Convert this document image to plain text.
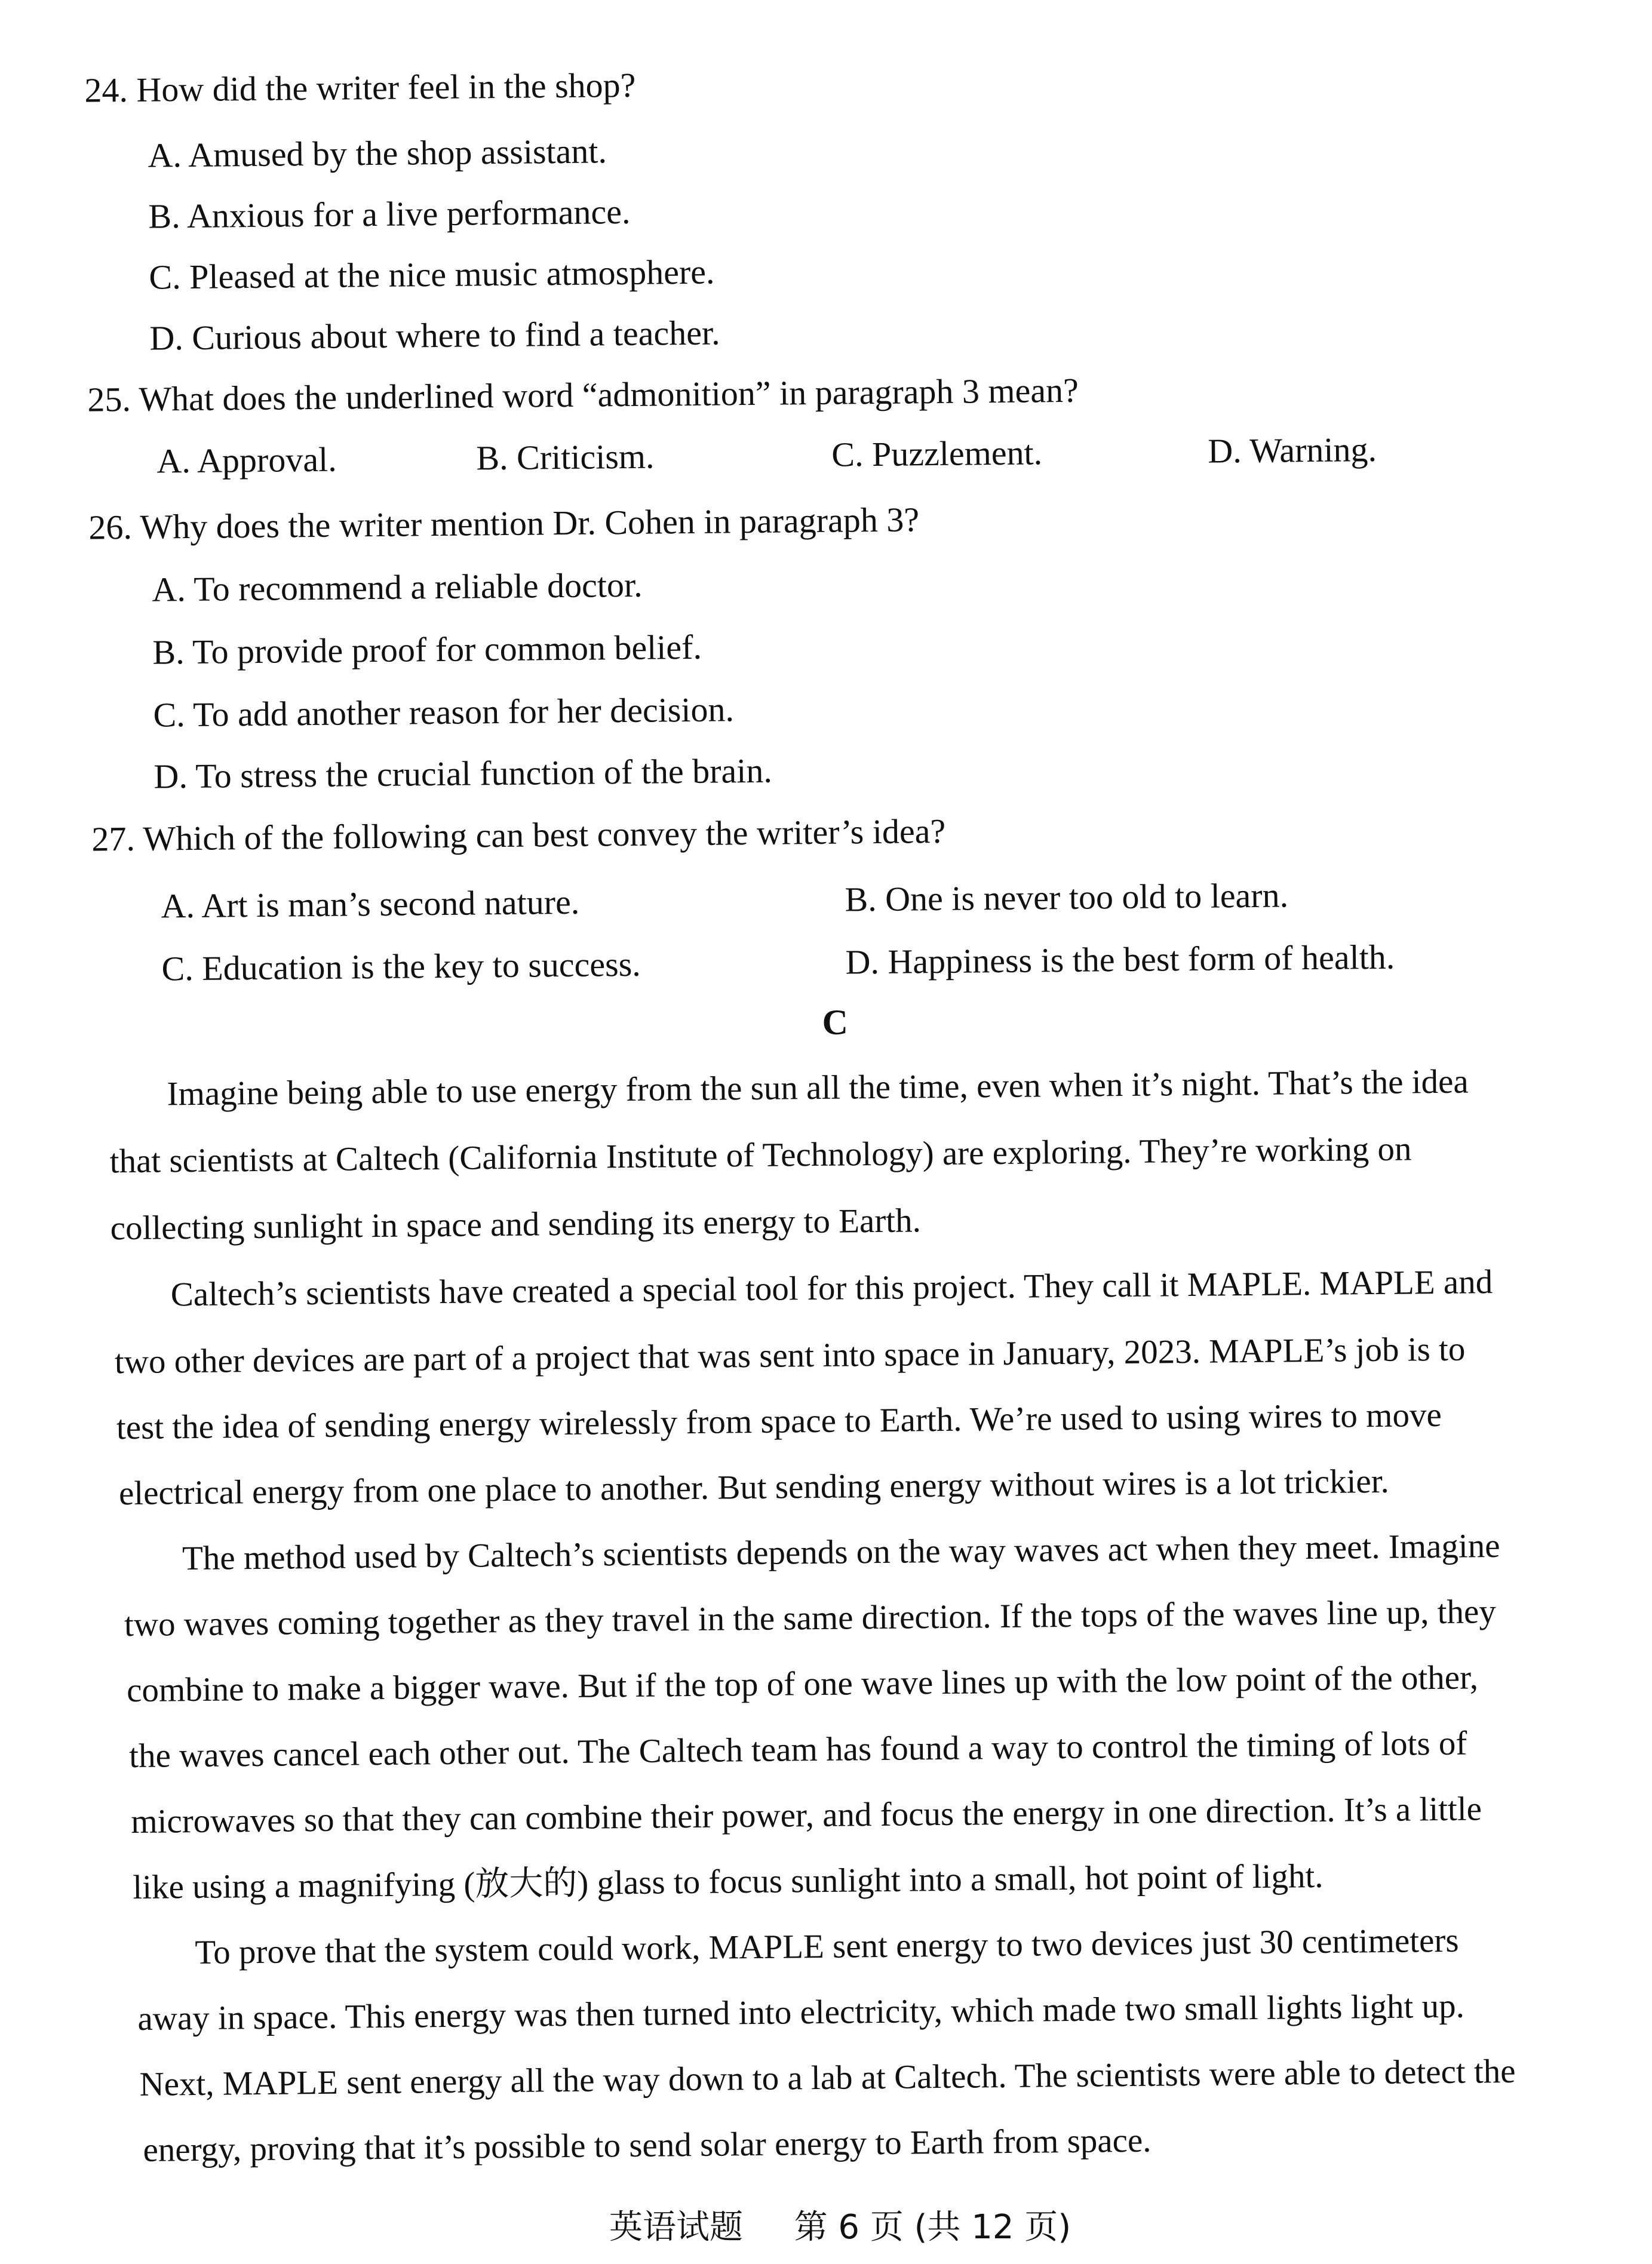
24. How did the writer feel in the shop?
A. Amused by the shop assistant.
B. Anxious for a live performance.
C. Pleased at the nice music atmosphere.
D. Curious about where to find a teacher.
25. What does the underlined word “admonition” in paragraph 3 mean?
A. Approval.	B. Criticism.	C. Puzzlement.	D. Warning.
26. Why does the writer mention Dr. Cohen in paragraph 3?
A. To recommend a reliable doctor.
B. To provide proof for common belief.
C. To add another reason for her decision.
D. To stress the crucial function of the brain.
27. Which of the following can best convey the writer’s idea?
A. Art is man’s second nature.	B. One is never too old to learn.
C. Education is the key to success.	D. Happiness is the best form of health.
C
Imagine being able to use energy from the sun all the time, even when it’s night. That’s the idea
that scientists at Caltech (California Institute of Technology) are exploring. They’re working on
collecting sunlight in space and sending its energy to Earth.
Caltech’s scientists have created a special tool for this project. They call it MAPLE. MAPLE and
two other devices are part of a project that was sent into space in January, 2023. MAPLE’s job is to
test the idea of sending energy wirelessly from space to Earth. We’re used to using wires to move
electrical energy from one place to another. But sending energy without wires is a lot trickier.
The method used by Caltech’s scientists depends on the way waves act when they meet. Imagine
two waves coming together as they travel in the same direction. If the tops of the waves line up, they
combine to make a bigger wave. But if the top of one wave lines up with the low point of the other,
the waves cancel each other out. The Caltech team has found a way to control the timing of lots of
microwaves so that they can combine their power, and focus the energy in one direction. It’s a little
like using a magnifying (放大的) glass to focus sunlight into a small, hot point of light.
To prove that the system could work, MAPLE sent energy to two devices just 30 centimeters
away in space. This energy was then turned into electricity, which made two small lights light up.
Next, MAPLE sent energy all the way down to a lab at Caltech. The scientists were able to detect the
energy, proving that it’s possible to send solar energy to Earth from space.
英语试题 第 6 页 (共 12 页)
